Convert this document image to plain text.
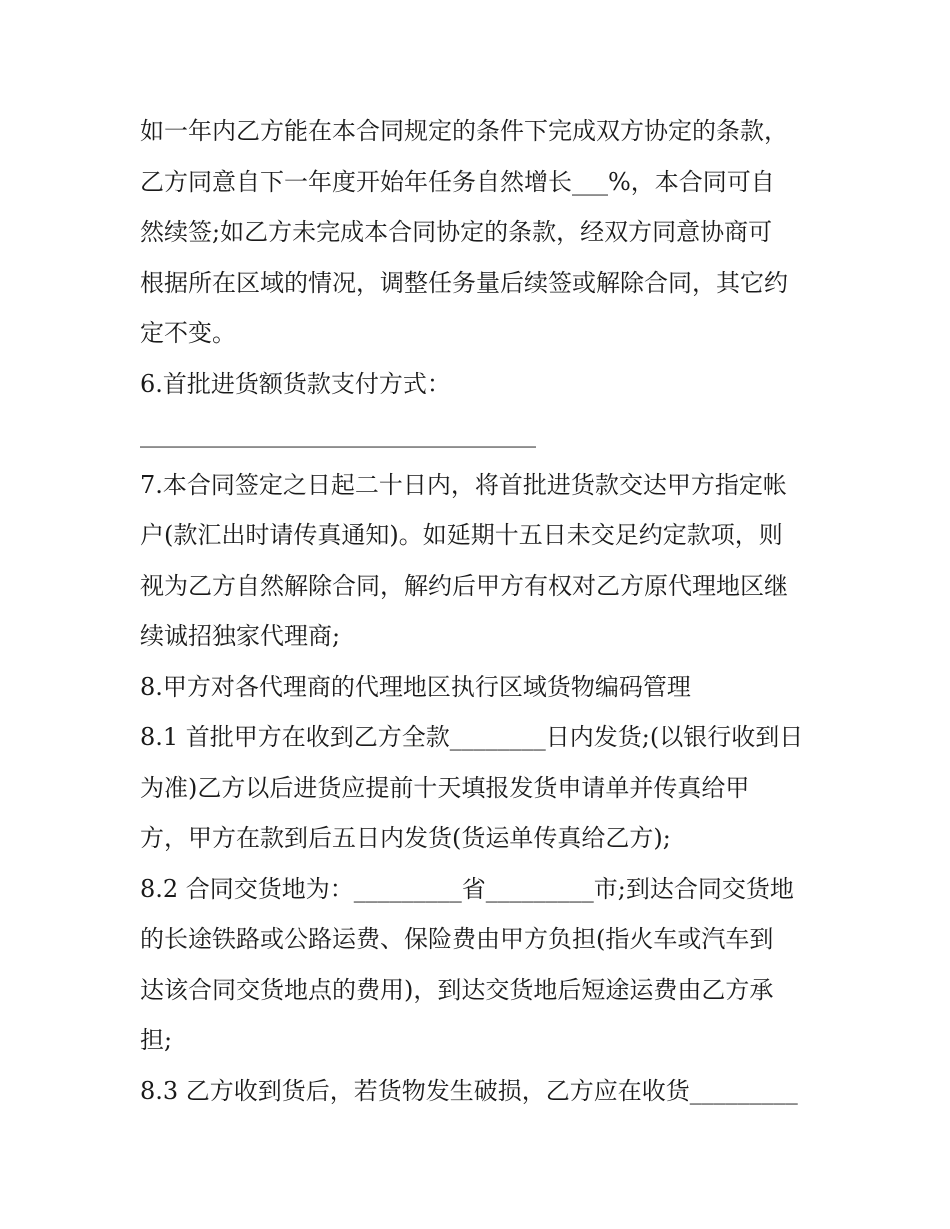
如一年内乙方能在本合同规定的条件下完成双方协定的条款，
乙方同意自下一年度开始年任务自然增长___%，本合同可自
然续签;如乙方未完成本合同协定的条款，经双方同意协商可
根据所在区域的情况，调整任务量后续签或解除合同，其它约
定不变。
6.首批进货额货款支付方式：
_________________________________
7.本合同签定之日起二十日内，将首批进货款交达甲方指定帐
户(款汇出时请传真通知)。如延期十五日未交足约定款项，则
视为乙方自然解除合同，解约后甲方有权对乙方原代理地区继
续诚招独家代理商;
8.甲方对各代理商的代理地区执行区域货物编码管理
8.1 首批甲方在收到乙方全款________日内发货;(以银行收到日
为准)乙方以后进货应提前十天填报发货申请单并传真给甲
方，甲方在款到后五日内发货(货运单传真给乙方);
8.2 合同交货地为：_________省_________市;到达合同交货地
的长途铁路或公路运费、保险费由甲方负担(指火车或汽车到
达该合同交货地点的费用)，到达交货地后短途运费由乙方承
担;
8.3 乙方收到货后，若货物发生破损，乙方应在收货_________
